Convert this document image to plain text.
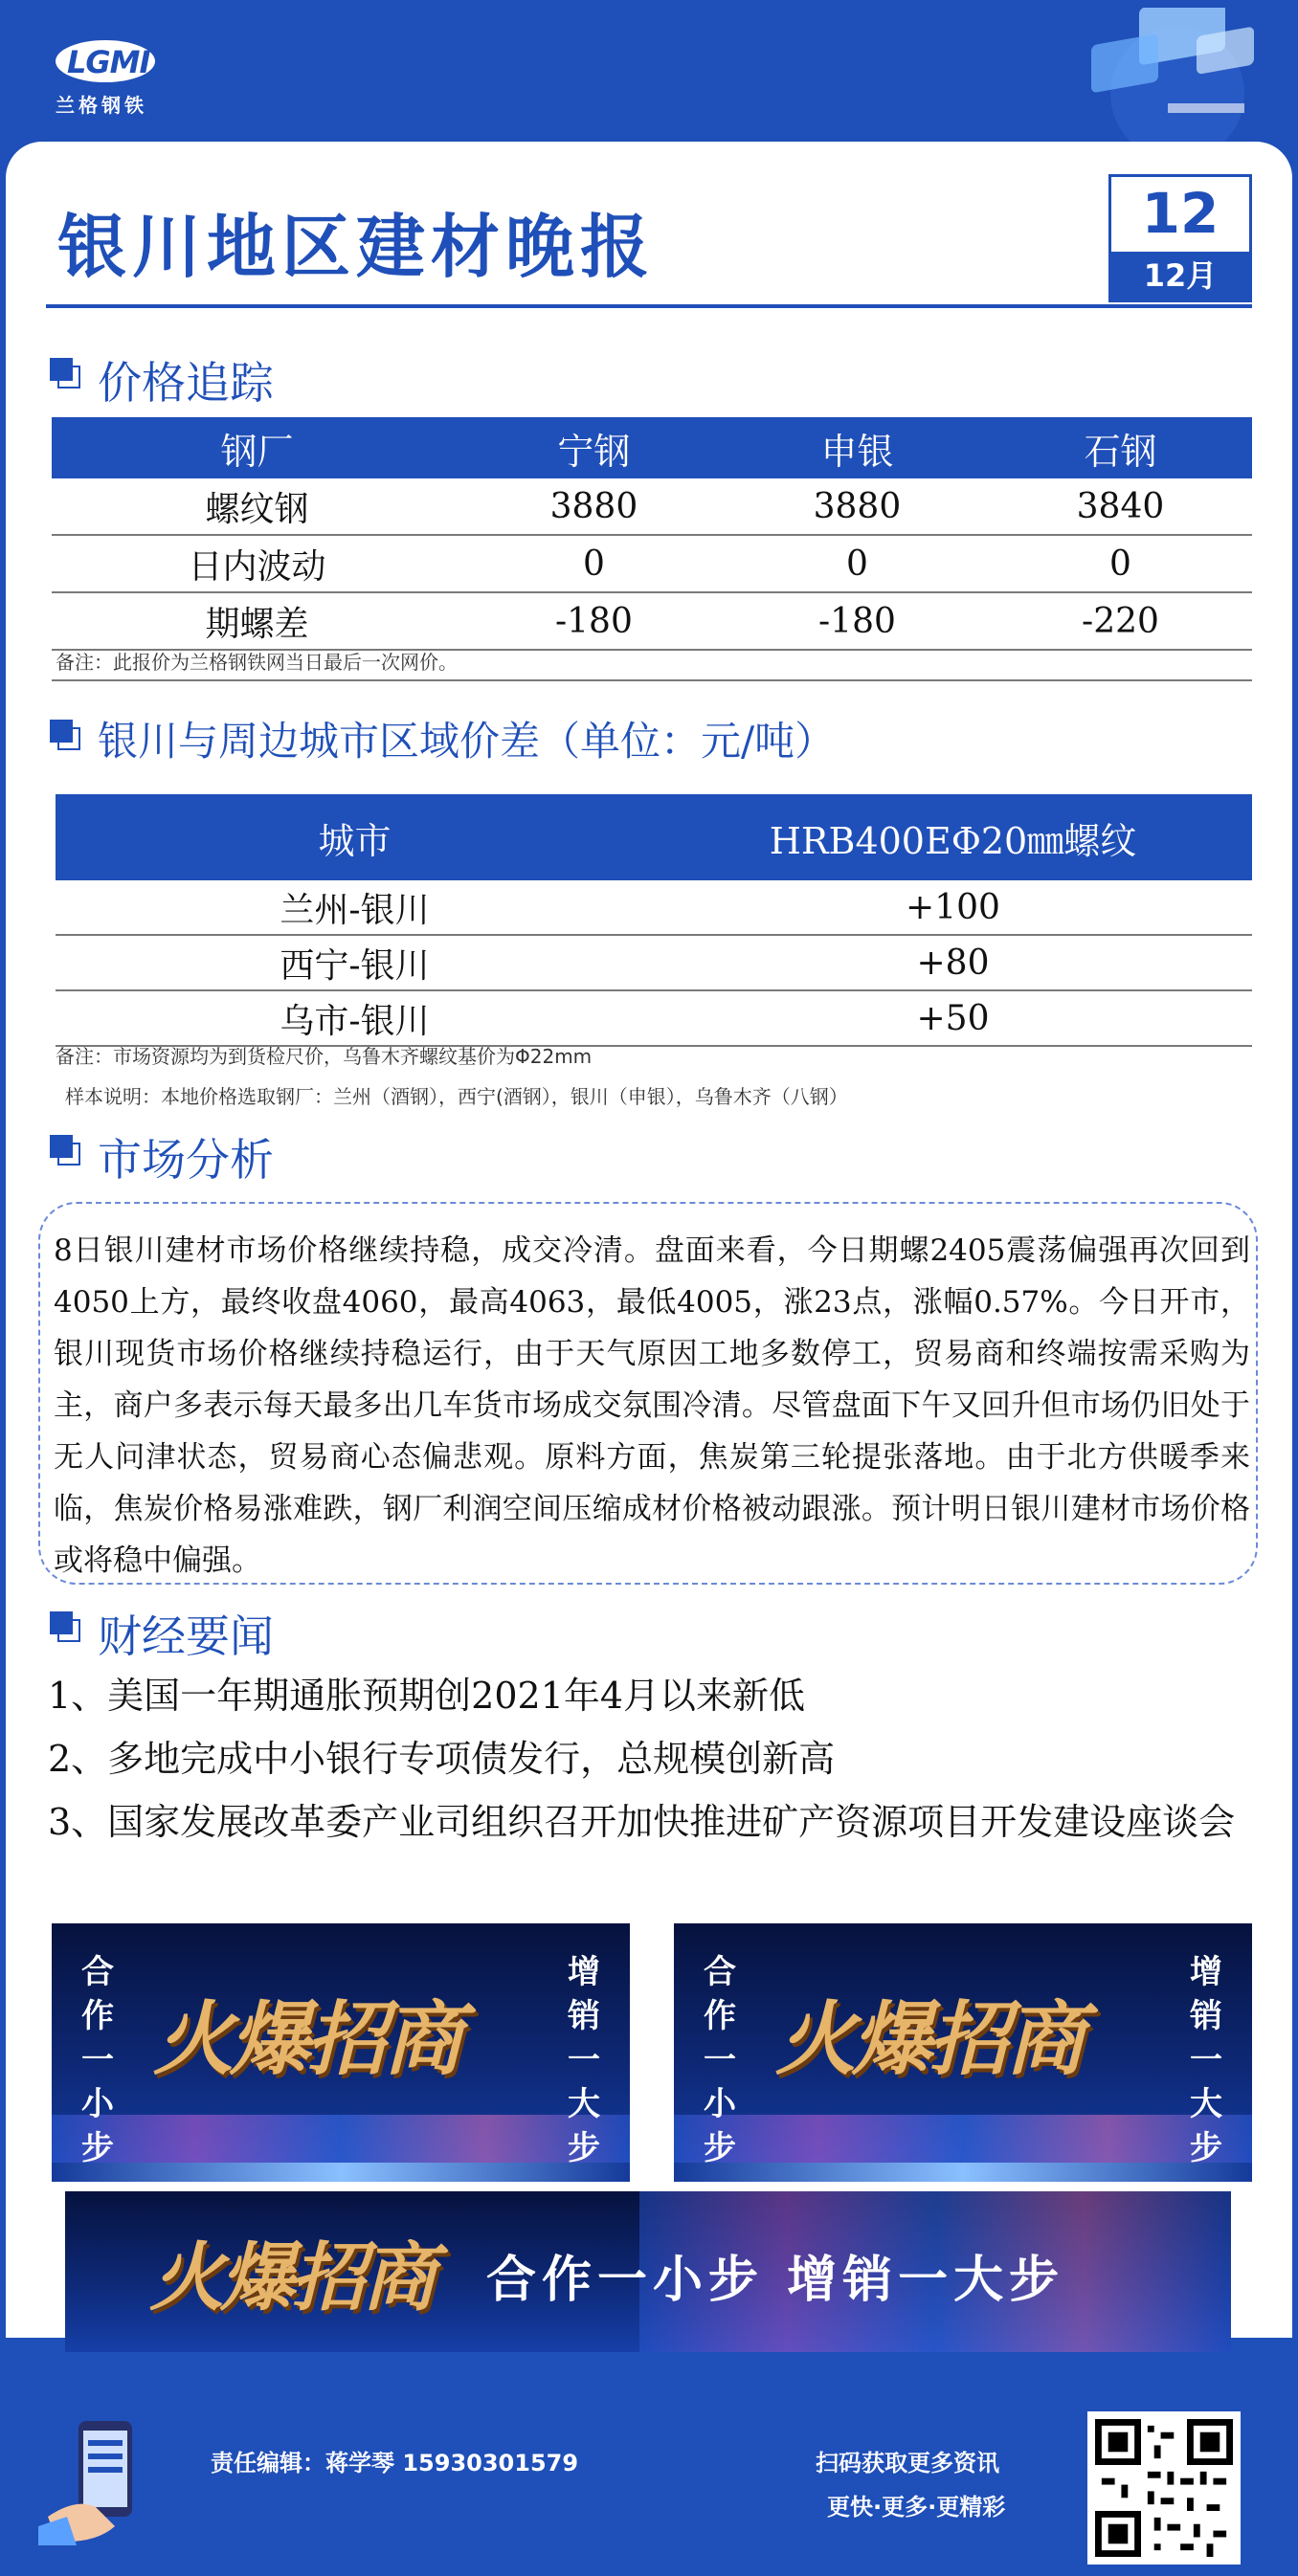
LGMI
兰格钢铁
银川地区建材晚报	12
12月
价格追踪
钢厂	宁钢	申银	石钢
螺纹钢	3880	3880	3840
日内波动	0	0	0
期螺差	-180	-180	-220
备注：此报价为兰格钢铁网当日最后一次网价。
银川与周边城市区域价差（单位：元/吨）
城市	HRB400EΦ20㎜螺纹
兰州-银川	+100
西宁-银川	+80
乌市-银川	+50
备注：市场资源均为到货检尺价，乌鲁木齐螺纹基价为Φ22mm
样本说明：本地价格选取钢厂：兰州（酒钢），西宁(酒钢），银川（申银），乌鲁木齐（八钢）
市场分析

8日银川建材市场价格继续持稳，成交冷清。盘面来看，今日期螺2405震荡偏强再次回到4050上方，最终收盘4060，最高4063，最低4005，涨23点，涨幅0.57%。今日开市，银川现货市场价格继续持稳运行，由于天气原因工地多数停工，贸易商和终端按需采购为主，商户多表示每天最多出几车货市场成交氛围冷清。尽管盘面下午又回升但市场仍旧处于无人问津状态，贸易商心态偏悲观。原料方面，焦炭第三轮提张落地。由于北方供暖季来临，焦炭价格易涨难跌，钢厂利润空间压缩成材价格被动跟涨。预计明日银川建材市场价格或将稳中偏强。

财经要闻
1、美国一年期通胀预期创2021年4月以来新低
2、多地完成中小银行专项债发行，总规模创新高
3、国家发展改革委产业司组织召开加快推进矿产资源项目开发建设座谈会
合作一小步
火爆招商
增销一大步
合作一小步
火爆招商
增销一大步
火爆招商 合作一小步 增销一大步
责任编辑：蒋学琴 15930301579	扫码获取更多资讯
更快·更多·更精彩
